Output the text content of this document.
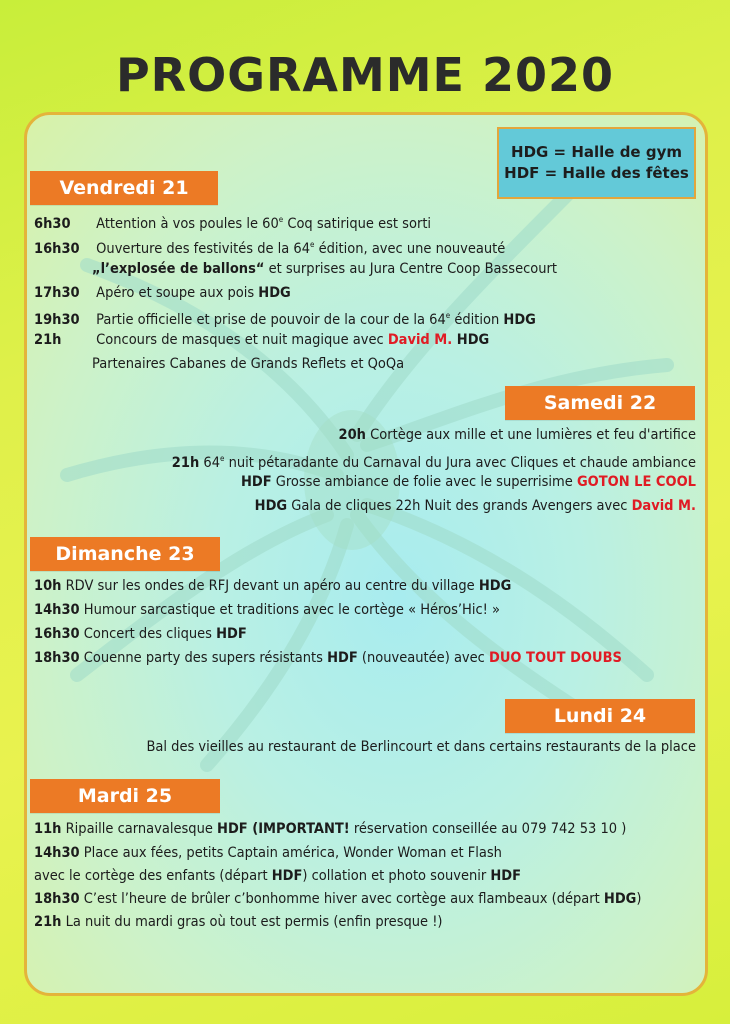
PROGRAMME 2020
HDG = Halle de gym
HDF = Halle des fêtes
Vendredi 21
6h30 Attention à vos poules le 60e Coq satirique est sorti
16h30 Ouverture des festivités de la 64e édition, avec une nouveauté
„l’explosée de ballons“ et surprises au Jura Centre Coop Bassecourt
17h30 Apéro et soupe aux pois HDG
19h30 Partie officielle et prise de pouvoir de la cour de la 64e édition HDG
21h Concours de masques et nuit magique avec David M. HDG
Partenaires Cabanes de Grands Reflets et QoQa
Samedi 22
20h Cortège aux mille et une lumières et feu d'artifice
21h 64e nuit pétaradante du Carnaval du Jura avec Cliques et chaude ambiance
HDF Grosse ambiance de folie avec le superrisime GOTON LE COOL
HDG Gala de cliques 22h Nuit des grands Avengers avec David M.
Dimanche 23
10h RDV sur les ondes de RFJ devant un apéro au centre du village HDG
14h30 Humour sarcastique et traditions avec le cortège « Héros’Hic! »
16h30 Concert des cliques HDF
18h30 Couenne party des supers résistants HDF (nouveautée) avec DUO TOUT DOUBS
Lundi 24
Bal des vieilles au restaurant de Berlincourt et dans certains restaurants de la place
Mardi 25
11h Ripaille carnavalesque HDF (IMPORTANT! réservation conseillée au 079 742 53 10 )
14h30 Place aux fées, petits Captain américa, Wonder Woman et Flash
avec le cortège des enfants (départ HDF) collation et photo souvenir HDF
18h30 C’est l’heure de brûler c’bonhomme hiver avec cortège aux flambeaux (départ HDG)
21h La nuit du mardi gras où tout est permis (enfin presque !)
